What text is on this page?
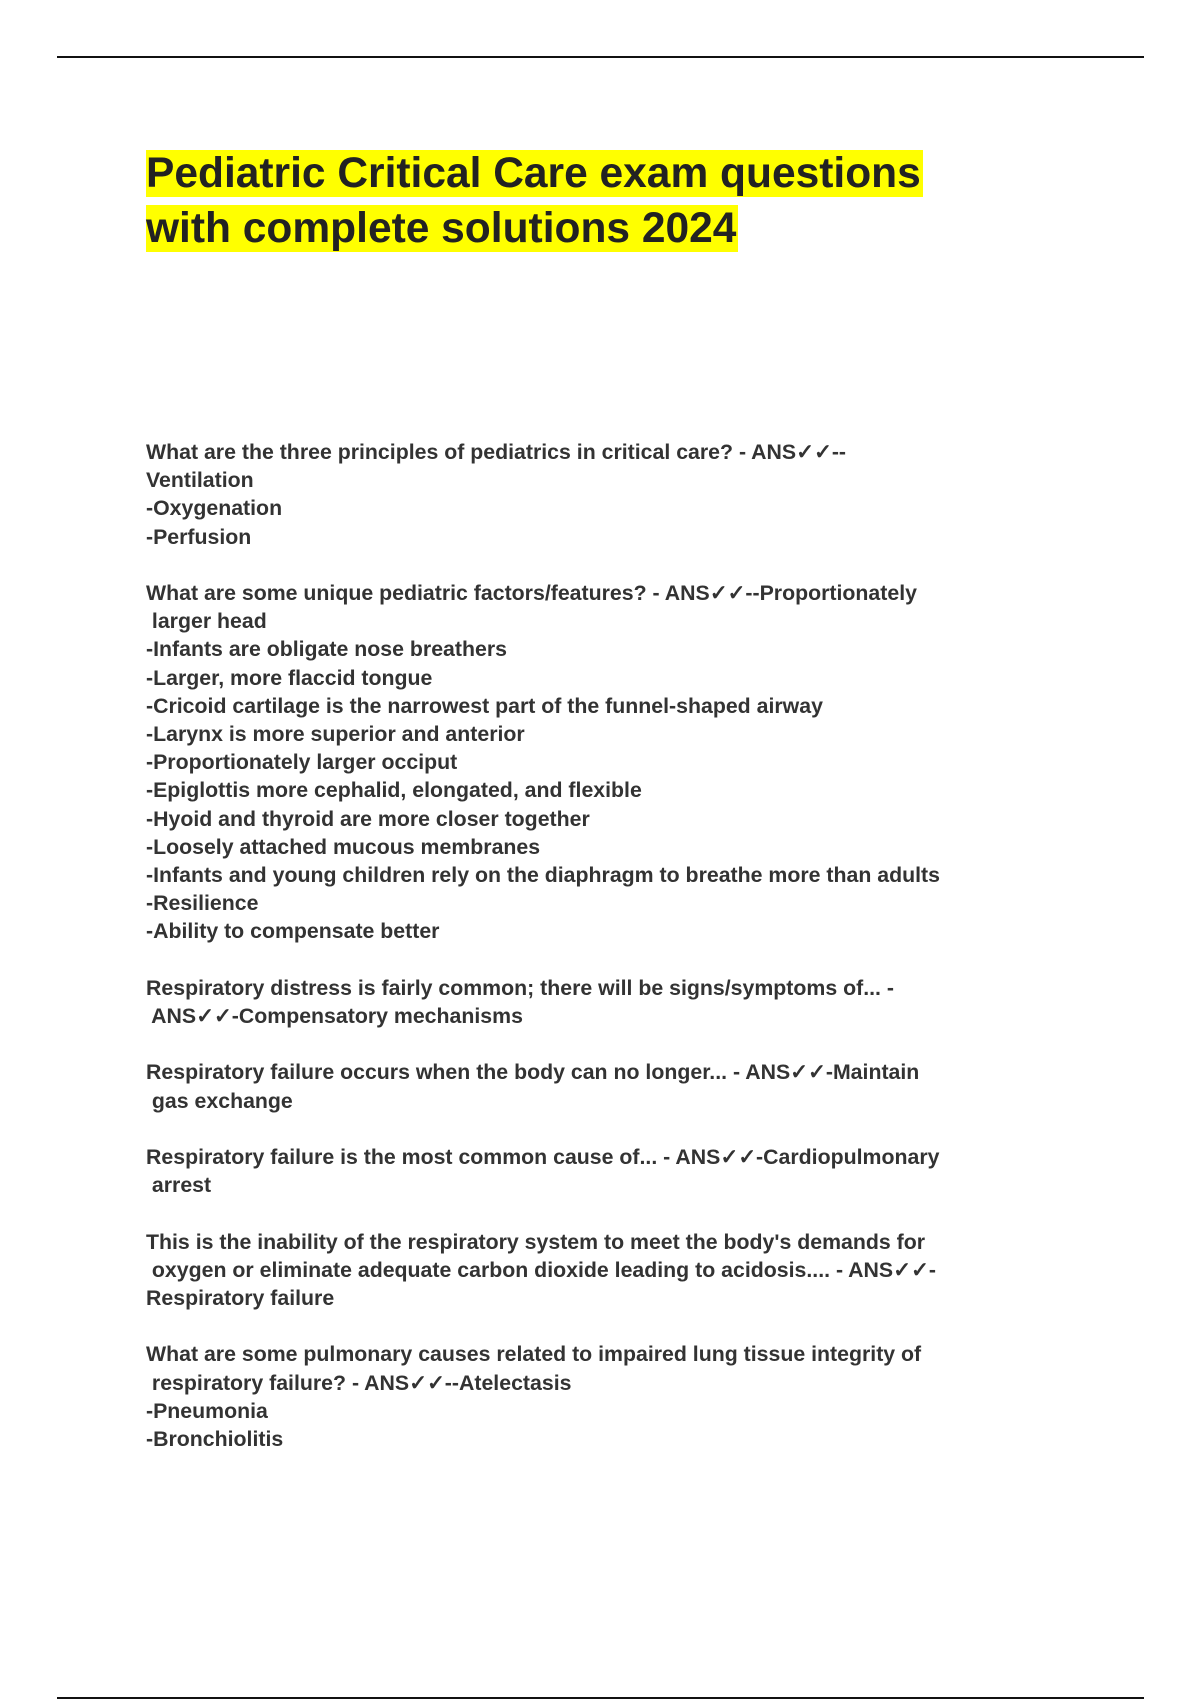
Pediatric Critical Care exam questions
with complete solutions 2024
What are the three principles of pediatrics in critical care? - ANS✓✓--
Ventilation
-Oxygenation
-Perfusion
What are some unique pediatric factors/features? - ANS✓✓--Proportionately
larger head
-Infants are obligate nose breathers
-Larger, more flaccid tongue
-Cricoid cartilage is the narrowest part of the funnel-shaped airway
-Larynx is more superior and anterior
-Proportionately larger occiput
-Epiglottis more cephalid, elongated, and flexible
-Hyoid and thyroid are more closer together
-Loosely attached mucous membranes
-Infants and young children rely on the diaphragm to breathe more than adults
-Resilience
-Ability to compensate better
Respiratory distress is fairly common; there will be signs/symptoms of... -
ANS✓✓-Compensatory mechanisms
Respiratory failure occurs when the body can no longer... - ANS✓✓-Maintain
gas exchange
Respiratory failure is the most common cause of... - ANS✓✓-Cardiopulmonary
arrest
This is the inability of the respiratory system to meet the body's demands for
oxygen or eliminate adequate carbon dioxide leading to acidosis.... - ANS✓✓-
Respiratory failure
What are some pulmonary causes related to impaired lung tissue integrity of
respiratory failure? - ANS✓✓--Atelectasis
-Pneumonia
-Bronchiolitis
